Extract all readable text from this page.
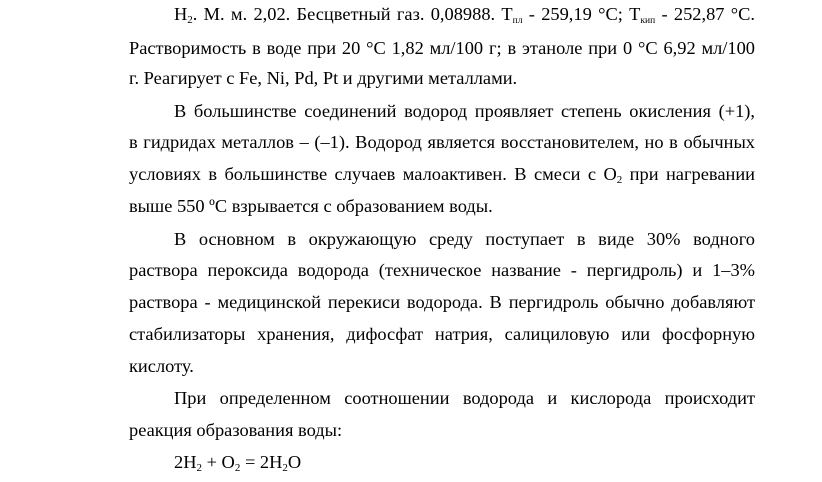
$H_2$. М. м. 2,02. Бесцветный газ. 0,08988. $Т_{пл} - 259,19$ °С; $Т_{кип} - 252,87$ °С.
Растворимость в воде при 20 °С 1,82 мл/100 г; в этаноле при 0 °С 6,92 мл/100
г. Реагирует с Fe, Ni, Pd, Pt и другими металлами.
В большинстве соединений водород проявляет степень окисления (+1),
в гидридах металлов – (–1). Водород является восстановителем, но в обычных
условиях в большинстве случаев малоактивен. В смеси с $O_2$ при нагревании
выше 550 ºС взрывается с образованием воды.
В основном в окружающую среду поступает в виде 30% водного
раствора пероксида водорода (техническое название - пергидроль) и 1–3%
раствора - медицинской перекиси водорода. В пергидроль обычно добавляют
стабилизаторы хранения, дифосфат натрия, салициловую или фосфорную
кислоту.
При определенном соотношении водорода и кислорода происходит
реакция образования воды:
$2H_2 + O_2 = 2H_2O$
